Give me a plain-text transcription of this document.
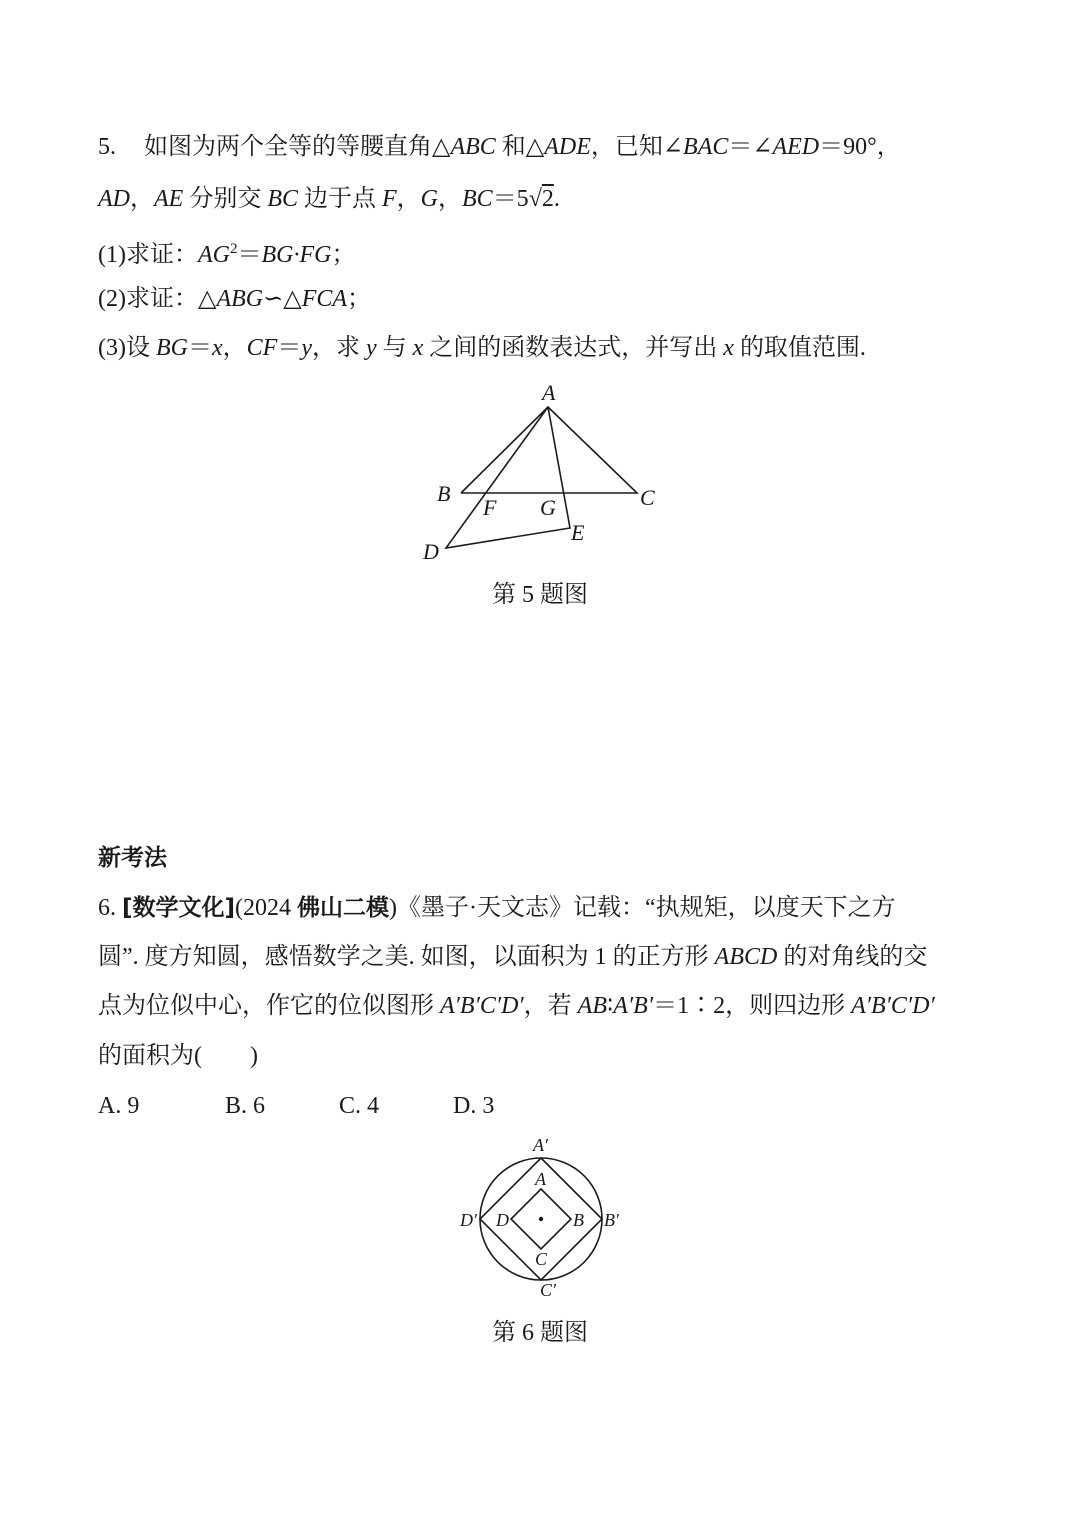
5. 如图为两个全等的等腰直角△ABC 和△ADE，已知∠BAC＝∠AED＝90°，
AD，AE 分别交 BC 边于点 F，G，BC＝5√2.
(1)求证：$AG^2=BG\cdot FG$；
(2)求证：△ABG∽△FCA；
(3)设 BG＝x，CF＝y，求 y 与 x 之间的函数表达式，并写出 x 的取值范围.
A
B	C
D
E
F G
第 5 题图
新考法
6. [数学文化](2024 佛山二模)《墨子·天文志》记载：“执规矩，以度天下之方
圆”. 度方知圆，感悟数学之美. 如图，以面积为 1 的正方形 ABCD 的对角线的交
点为位似中心，作它的位似图形 A′B′C′D′，若 AB∶A′B′＝1∶2，则四边形 A′B′C′D′
的面积为(　　)
A. 9	B. 6	C. 4	D. 3
A′
B′
C′
D′
A
B
C
D
第 6 题图
